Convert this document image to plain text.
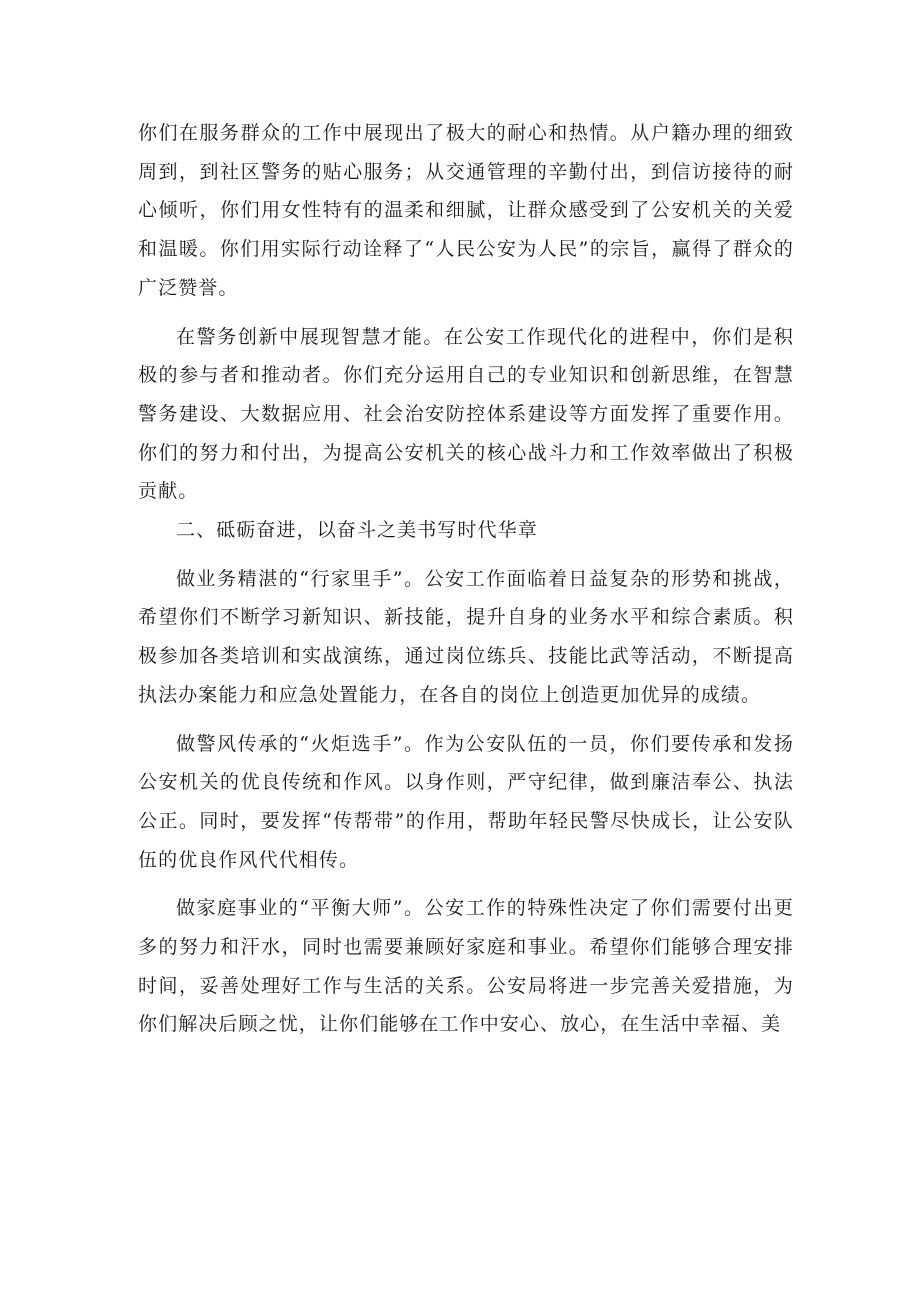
你们在服务群众的工作中展现出了极大的耐心和热情。从户籍办理的细致周到，到社区警务的贴心服务；从交通管理的辛勤付出，到信访接待的耐心倾听，你们用女性特有的温柔和细腻，让群众感受到了公安机关的关爱和温暖。你们用实际行动诠释了“人民公安为人民”的宗旨，赢得了群众的广泛赞誉。

在警务创新中展现智慧才能。在公安工作现代化的进程中，你们是积极的参与者和推动者。你们充分运用自己的专业知识和创新思维，在智慧警务建设、大数据应用、社会治安防控体系建设等方面发挥了重要作用。你们的努力和付出，为提高公安机关的核心战斗力和工作效率做出了积极贡献。

二、砥砺奋进，以奋斗之美书写时代华章

做业务精湛的“行家里手”。公安工作面临着日益复杂的形势和挑战，希望你们不断学习新知识、新技能，提升自身的业务水平和综合素质。积极参加各类培训和实战演练，通过岗位练兵、技能比武等活动，不断提高执法办案能力和应急处置能力，在各自的岗位上创造更加优异的成绩。

做警风传承的“火炬选手”。作为公安队伍的一员，你们要传承和发扬公安机关的优良传统和作风。以身作则，严守纪律，做到廉洁奉公、执法公正。同时，要发挥“传帮带”的作用，帮助年轻民警尽快成长，让公安队伍的优良作风代代相传。

做家庭事业的“平衡大师”。公安工作的特殊性决定了你们需要付出更多的努力和汗水，同时也需要兼顾好家庭和事业。希望你们能够合理安排时间，妥善处理好工作与生活的关系。公安局将进一步完善关爱措施，为你们解决后顾之忧，让你们能够在工作中安心、放心，在生活中幸福、美
